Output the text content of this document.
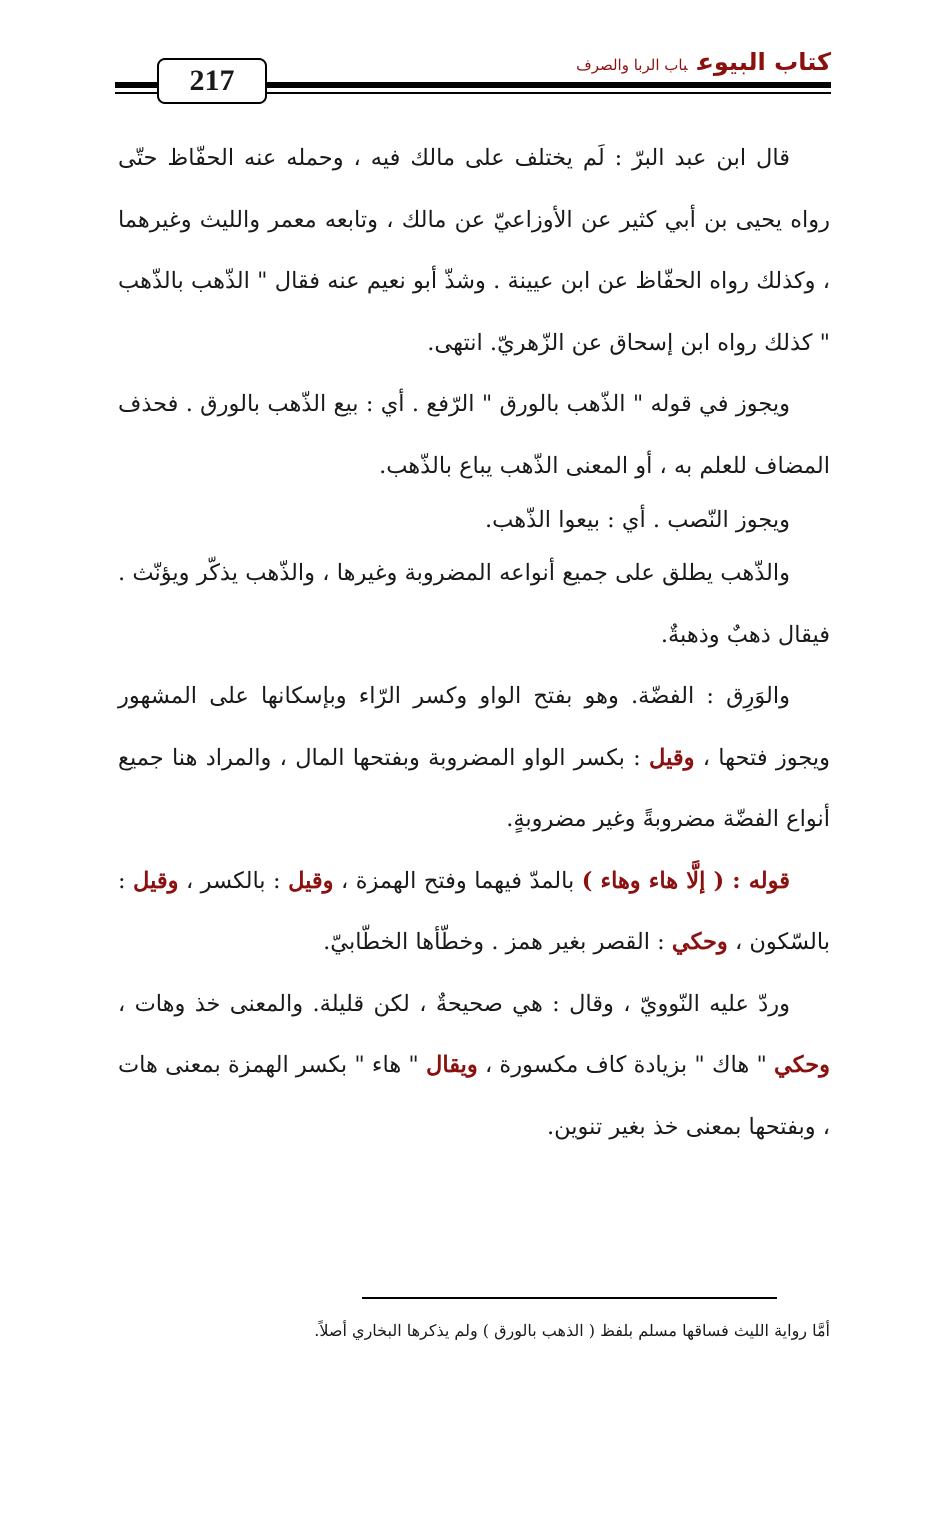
217
كتاب البيوعباب الربا والصرف

قال ابن عبد البرّ : لَم يختلف على مالك فيه ، وحمله عنه الحفّاظ حتّى رواه يحيى بن أبي كثير عن الأوزاعيّ عن مالك ، وتابعه معمر والليث وغيرهما ، وكذلك رواه الحفّاظ عن ابن عيينة . وشذّ أبو نعيم عنه فقال " الذّهب بالذّهب " كذلك رواه ابن إسحاق عن الزّهريّ. انتهى.

ويجوز في قوله " الذّهب بالورق " الرّفع . أي : بيع الذّهب بالورق . فحذف المضاف للعلم به ، أو المعنى الذّهب يباع بالذّهب.

ويجوز النّصب . أي : بيعوا الذّهب.

والذّهب يطلق على جميع أنواعه المضروبة وغيرها ، والذّهب يذكّر ويؤنّث . فيقال ذهبٌ وذهبةٌ.

والوَرِق : الفضّة. وهو بفتح الواو وكسر الرّاء وبإسكانها على المشهور ويجوز فتحها ، وقيل : بكسر الواو المضروبة وبفتحها المال ، والمراد هنا جميع أنواع الفضّة مضروبةً وغير مضروبةٍ.

قوله : ( إلَّا هاء وهاء ) بالمدّ فيهما وفتح الهمزة ، وقيل : بالكسر ، وقيل : بالسّكون ، وحكي : القصر بغير همز . وخطّأها الخطّابيّ.

وردّ عليه النّوويّ ، وقال : هي صحيحةٌ ، لكن قليلة. والمعنى خذ وهات ، وحكي " هاك " بزيادة كاف مكسورة ، ويقال " هاء " بكسر الهمزة بمعنى هات ، وبفتحها بمعنى خذ بغير تنوين.

أمَّا رواية الليث فساقها مسلم بلفظ ( الذهب بالورق ) ولم يذكرها البخاري أصلاً.
